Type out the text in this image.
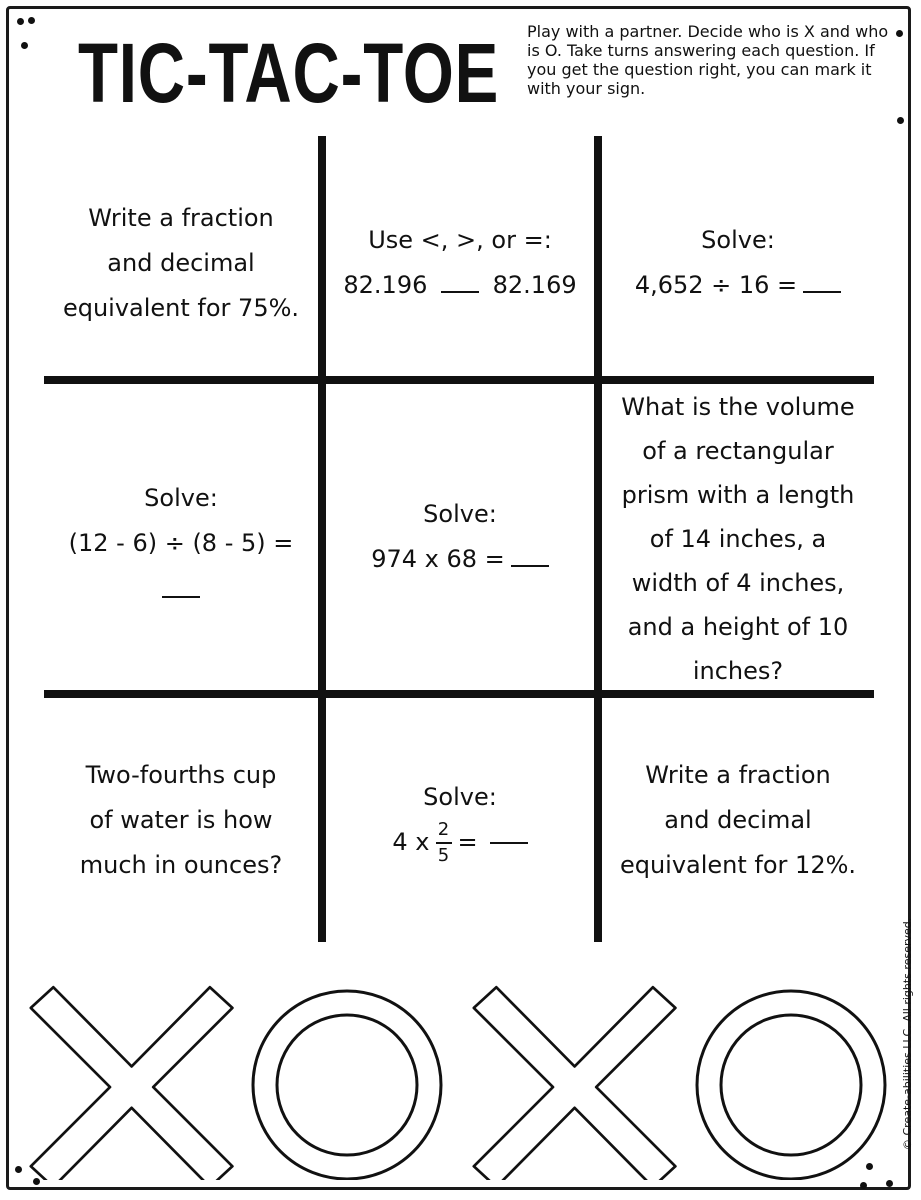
TIC-TAC-TOE Play with a partner. Decide who is X and who is O. Take turns answering each question. If you get the question right, you can mark it with your sign.

Write a fraction

and decimal

equivalent for 75%.

Use <, >, or =:

82.196	82.169

Solve:

4,652 ÷ 16 =

Solve:

(12 - 6) ÷ (8 - 5) =

Solve:

974 x 68 =

What is the volume

of a rectangular

prism with a length

of 14 inches, a

width of 4 inches,

and a height of 10

inches?

Two-fourths cup

of water is how

much in ounces?

Solve:

4 x $\frac{2}{5}$ =

Write a fraction

and decimal

equivalent for 12%.

© Create-abilities LLC. All rights reserved.
